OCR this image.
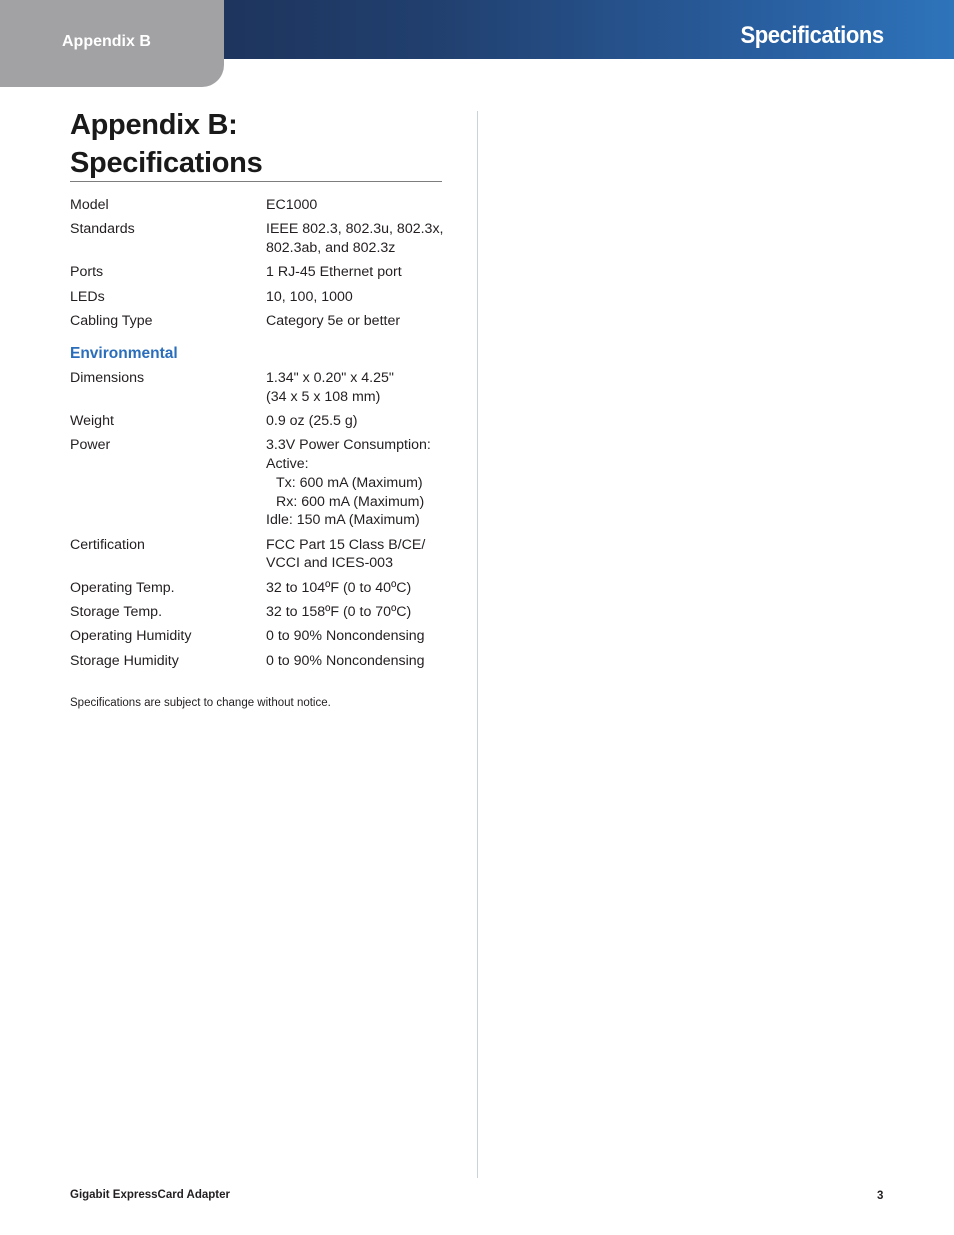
Appendix B	Specifications
Appendix B:
Specifications
Model	EC1000
Standards	IEEE 802.3, 802.3u, 802.3x,
802.3ab, and 802.3z
Ports	1 RJ-45 Ethernet port
LEDs	10, 100, 1000
Cabling Type	Category 5e or better
Environmental
Dimensions	1.34" x 0.20" x 4.25"
(34 x 5 x 108 mm)
Weight	0.9 oz (25.5 g)
Power	3.3V Power Consumption:
Active:
Tx: 600 mA (Maximum)
Rx: 600 mA (Maximum)
Idle: 150 mA (Maximum)
Certification	FCC Part 15 Class B/CE/
VCCI and ICES-003
Operating Temp.	32 to 104ºF (0 to 40ºC)
Storage Temp.	32 to 158ºF (0 to 70ºC)
Operating Humidity	0 to 90% Noncondensing
Storage Humidity	0 to 90% Noncondensing
Specifications are subject to change without notice.
Gigabit ExpressCard Adapter	3
